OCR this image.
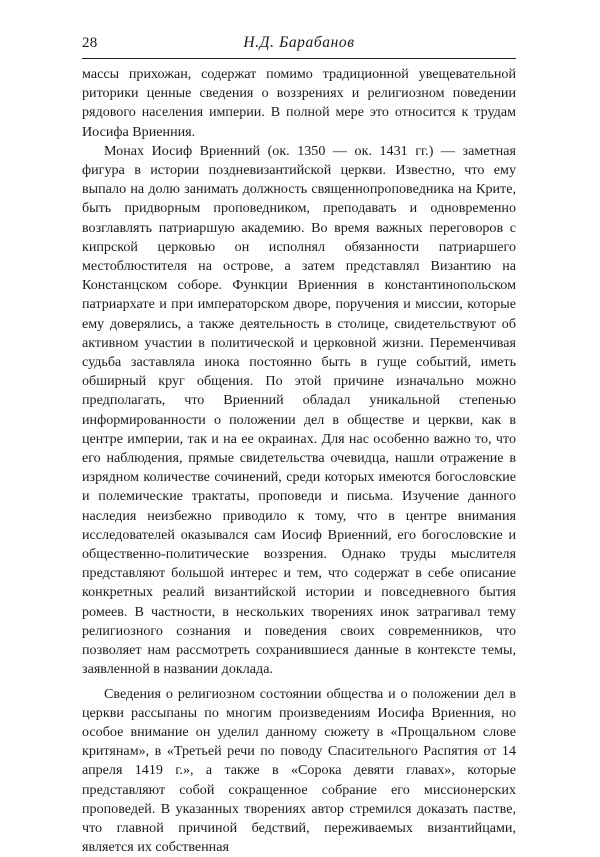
28	Н.Д. Барабанов

массы прихожан, содержат помимо традиционной увещевательной риторики ценные сведения о воззрениях и религиозном поведении рядового населения империи. В полной мере это относится к трудам Иосифа Вриенния.

Монах Иосиф Вриенний (ок. 1350 — ок. 1431 гг.) — заметная фигура в истории поздневизантийской церкви. Известно, что ему выпало на долю занимать должность священнопроповедника на Крите, быть придворным проповедником, преподавать и одновременно возглавлять патриаршую академию. Во время важных переговоров с кипрской церковью он исполнял обязанности патриаршего местоблюстителя на острове, а затем представлял Византию на Констанцском соборе. Функции Вриенния в константинопольском патриархате и при императорском дворе, поручения и миссии, которые ему доверялись, а также деятельность в столице, свидетельствуют об активном участии в политической и церковной жизни. Переменчивая судьба заставляла инока постоянно быть в гуще событий, иметь обширный круг общения. По этой причине изначально можно предполагать, что Вриенний обладал уникальной степенью информированности о положении дел в обществе и церкви, как в центре империи, так и на ее окраинах. Для нас особенно важно то, что его наблюдения, прямые свидетельства очевидца, нашли отражение в изрядном количестве сочинений, среди которых имеются богословские и полемические трактаты, проповеди и письма. Изучение данного наследия неизбежно приводило к тому, что в центре внимания исследователей оказывался сам Иосиф Вриенний, его богословские и общественно-политические воззрения. Однако труды мыслителя представляют большой интерес и тем, что содержат в себе описание конкретных реалий византийской истории и повседневного бытия ромеев. В частности, в нескольких творениях инок затрагивал тему религиозного сознания и поведения своих современников, что позволяет нам рассмотреть сохранившиеся данные в контексте темы, заявленной в названии доклада.

Сведения о религиозном состоянии общества и о положении дел в церкви рассыпаны по многим произведениям Иосифа Вриенния, но особое внимание он уделил данному сюжету в «Прощальном слове критянам», в «Третьей речи по поводу Спасительного Распятия от 14 апреля 1419 г.», а также в «Сорока девяти главах», которые представляют собой сокращенное собрание его миссионерских проповедей. В указанных творениях автор стремился доказать пастве, что главной причиной бедствий, переживаемых византийцами, является их собственная
